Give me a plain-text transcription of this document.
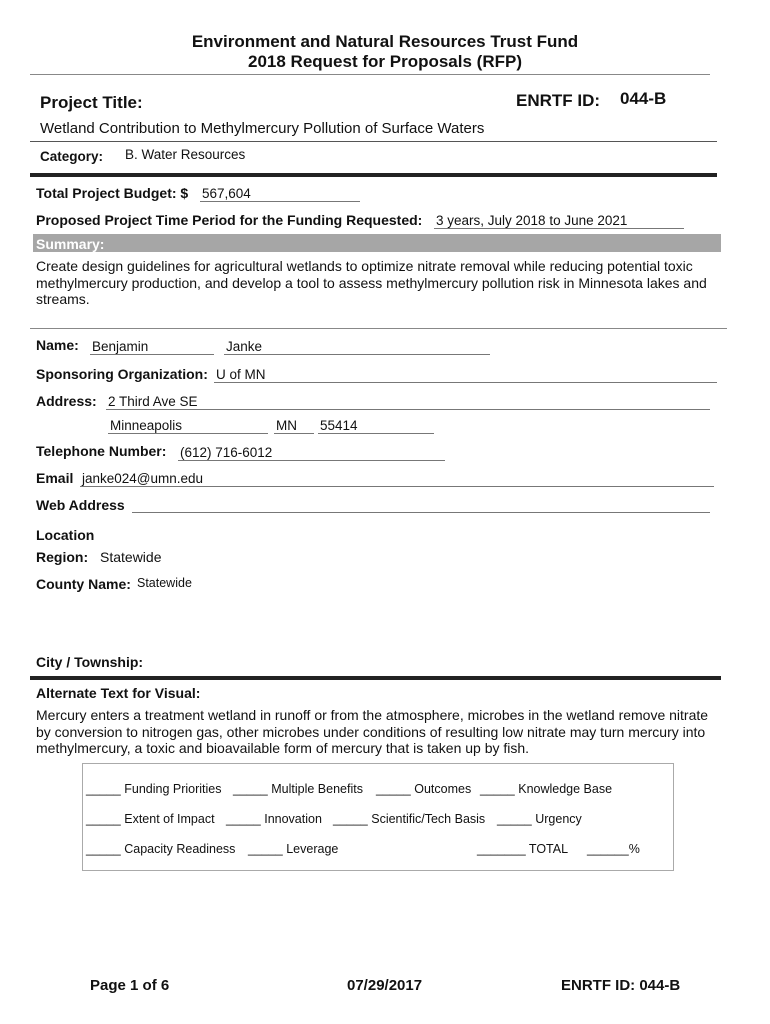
Environment and Natural Resources Trust Fund
2018 Request for Proposals (RFP)
Project Title:	ENRTF ID: 044-B
Wetland Contribution to Methylmercury Pollution of Surface Waters
Category: B. Water Resources
Total Project Budget: $ 567,604
Proposed Project Time Period for the Funding Requested: 3 years, July 2018 to June 2021
Summary:
Create design guidelines for agricultural wetlands to optimize nitrate removal while reducing potential toxic methylmercury production, and develop a tool to assess methylmercury pollution risk in Minnesota lakes and streams.
Name: Benjamin	Janke
Sponsoring Organization: U of MN
Address: 2 Third Ave SE
Minneapolis	MN	55414
Telephone Number: (612) 716-6012
Email janke024@umn.edu
Web Address
Location
Region: Statewide
County Name: Statewide
City / Township:
Alternate Text for Visual:
Mercury enters a treatment wetland in runoff or from the atmosphere, microbes in the wetland remove nitrate by conversion to nitrogen gas, other microbes under conditions of resulting low nitrate may turn mercury into methylmercury, a toxic and bioavailable form of mercury that is taken up by fish.
_____ Funding Priorities _____ Multiple Benefits _____ Outcomes _____ Knowledge Base
_____ Extent of Impact _____ Innovation _____ Scientific/Tech Basis _____ Urgency
_____ Capacity Readiness _____ Leverage	_______ TOTAL ______%
Page 1 of 6	07/29/2017	ENRTF ID: 044-B
